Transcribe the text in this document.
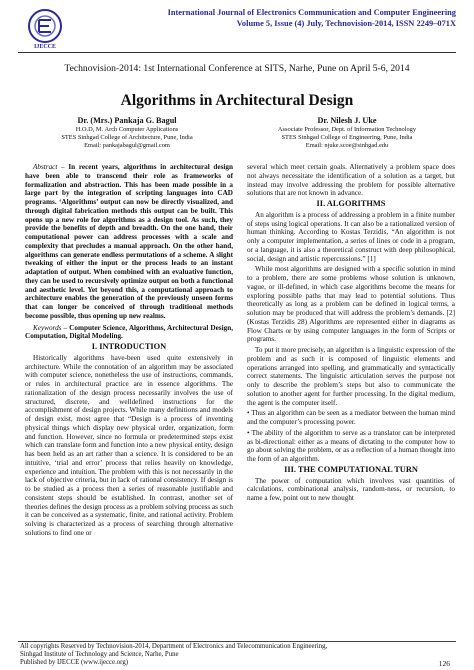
IJECCE
International Journal of Electronics Communication and Computer Engineering
Volume 5, Issue (4) July, Technovision-2014, ISSN 2249–071X
Technovision-2014: 1st International Conference at SITS, Narhe, Pune on April 5-6, 2014
Algorithms in Architectural Design
Dr. (Mrs.) Pankaja G. Bagul
H.O.D, M. Arch Computer Applications
STES Sinhgad College of Architecture, Pune, India
Email: pankajabagul@gmail.com
Dr. Nilesh J. Uke
Associate Professor, Dept. of Information Technology
STES Sinhgad College of Engineering, Pune, India
Email: njuke.scoe@sinhgad.edu

Abstract – In recent years, algorithms in architectural design have been able to transcend their role as frameworks of formalization and abstraction. This has been made possible in a large part by the integration of scripting languages into CAD programs. ‘Algorithms’ output can now be directly visualized, and through digital fabrication methods this output can be built. This opens up a new role for algorithms as a design tool. As such, they provide the benefits of depth and breadth. On the one hand, their computational power can address processes with a scale and complexity that precludes a manual approach. On the other hand, algorithms can generate endless permutations of a scheme. A slight tweaking of either the input or the process leads to an instant adaptation of output. When combined with an evaluative function, they can be used to recursively optimize output on both a functional and aesthetic level. Yet beyond this, a computational approach to architecture enables the generation of the previously unseen forms that can longer be conceived of through traditional methods become possible, thus opening up new realms.

Keywords – Computer Science, Algorithms, Architectural Design, Computation, Digital Modeling.

I. INTRODUCTION

Historically algorithms have-been used quite extensively in architecture. While the connotation of an algorithm may be associated with computer science, nonetheless the use of instructions, commands, or rules in architectural practice are in essence algorithms. The rationalization of the design process necessarily involves the use of structured, discrete, and welldefined instructions for the accomplishment of design projects. While many definitions and models of design exist, most agree that “Design is a process of inventing physical things which display new physical order, organization, form and function. However, since no formula or predetermined steps exist which can translate form and function into a new physical entity, design has been held as an art rather than a science. It is considered to be an intuitive, ‘trial and error’ process that relies heavily on knowledge, experience and intuition. The problem with this is not necessarily in the lack of objective criteria, but in lack of rational consistency. If design is to be studied as a process then a series of reasonable justifiable and consistent steps should be established. In contrast, another set of theories defines the design process as a problem solving process as such it can be conceived as a systematic, finite, and rational activity. Problem solving is characterized as a process of searching through alternative solutions to find one or

several which meet certain goals. Alternatively a problem space does not always necessitate the identification of a solution as a target, but instead may involve addressing the problem for possible alternative solutions that are not known in advance.

II. ALGORITHMS

An algorithm is a process of addressing a problem in a finite number of steps using logical operations. It can also be a rationalized version of human thinking. According to Kostas Terzidis, “An algorithm is not only a computer implementation, a series of lines or code in a program, or a language, it is also a theoretical construct with deep philosophical, social, design and artistic repercussions.” [1]

While most algorithms are designed with a specific solution in mind to a problem, there are some problems whose solution is unknown, vague, or ill-defined, in which case algorithms become the means for exploring possible paths that may lead to potential solutions. Thus theoretically as long as a problem can be defined in logical terms, a solution may be produced that will address the problem’s demands. [2] (Kostas Terzidis 28) Algorithms are represented either in diagrams as Flow Charts or by using computer languages in the form of Scripts or programs.

To put it more precisely, an algorithm is a linguistic expression of the problem and as such it is composed of linguistic elements and operations arranged into spelling, and grammatically and syntactically correct statements. The linguistic articulation serves the purpose not only to describe the problem’s steps but also to communicate the solution to another agent for further processing. In the digital medium, the agent is the computer itself.

• Thus an algorithm can be seen as a mediator between the human mind and the computer’s processing power.

• The ability of the algorithm to serve as a translator can be interpreted as bi-directional: either as a means of dictating to the computer how to go about solving the problem, or as a reflection of a human thought into the form of an algorithm.

III. THE COMPUTATIONAL TURN

The power of computation which involves vast quantities of calculations, combinational analysis, random-ness, or recursion, to name a few, point out to new thought

All copyrights Reserved by Technovision-2014, Department of Electronics and Telecommunication Engineering,
Sinhgad Institute of Technology and Science, Narhe, Pune
Published by IJECCE (www.ijecce.org)	126
